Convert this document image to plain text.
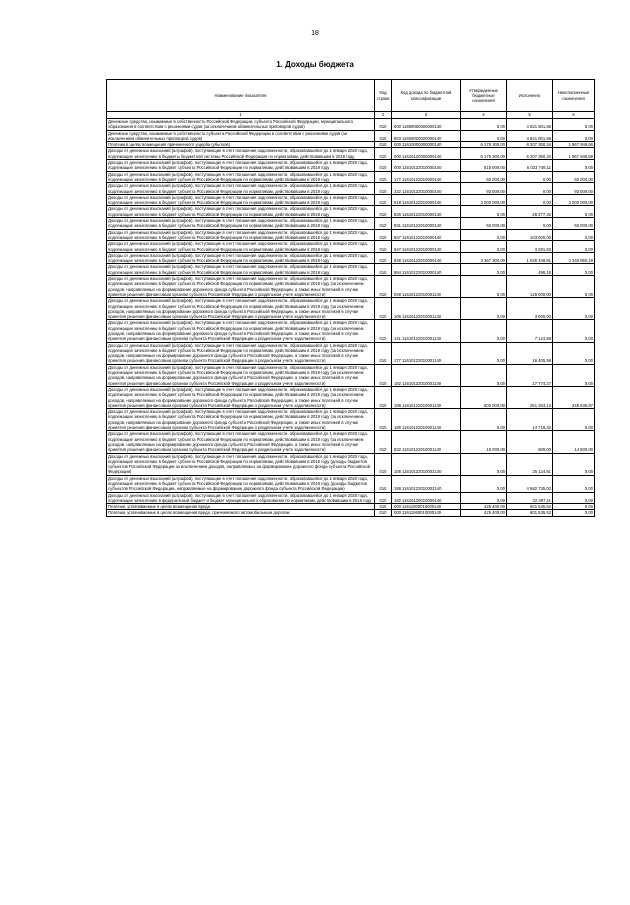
18
1. Доходы бюджета
Наименование показателя	Код строки	Код дохода по бюджетной классификации	Утвержденные бюджетные назначения	Исполнено	Неисполненные назначения
1	2	3	4	5	6
Денежные средства, изымаемые в собственность Российской Федерации, субъекта Российской Федерации, муниципального образования в соответствии с решениями судов (за исключением обвинительных приговоров судов)	010	000 11609000000000140	0,00	4 621 601,66	0,00
Денежные средства, изымаемые в собственность субъекта Российской Федерации в соответствии с решениями судов (за исключением обвинительных приговоров судов)	010	803 11609020020000140	0,00	4 621 601,66	0,00
Платежи в целях возмещения причиненного ущерба (убытков)	010	000 11610000000000140	6 175 300,00	6 207 350,34	1 967 949,66
Доходы от денежных взысканий (штрафов), поступающие в счет погашения задолженности, образовавшейся до 1 января 2020 года, подлежащие зачислению в бюджеты бюджетной системы Российской Федерации по нормативам, действовавшим в 2019 году	010	000 11610120000000140	6 175 300,00	6 207 350,34	1 967 949,66
Доходы от денежных взысканий (штрафов), поступающие в счет погашения задолженности, образовавшейся до 1 января 2020 года, подлежащие зачислению в бюджет субъекта Российской Федерации по нормативам, действовавшим в 2019 году	010	000 11610122010000140	615 000,00	5 023 746,11	0,00
Доходы от денежных взысканий (штрафов), поступающие в счет погашения задолженности, образовавшейся до 1 января 2020 года, подлежащие зачислению в бюджет субъекта Российской Федерации по нормативам, действовавшим в 2019 году	010	177 11610122010000140	50 000,00	0,00	50 000,00
Доходы от денежных взысканий (штрафов), поступающие в счет погашения задолженности, образовавшейся до 1 января 2020 года, подлежащие зачислению в бюджет субъекта Российской Федерации по нормативам, действовавшим в 2019 году	010	322 11610122010000140	93 000,00	0,00	93 000,00
Доходы от денежных взысканий (штрафов), поступающие в счет погашения задолженности, образовавшейся до 1 января 2020 года, подлежащие зачислению в бюджет субъекта Российской Федерации по нормативам, действовавшим в 2019 году	010	818 11610122010000140	3 000 000,00	0,00	3 000 000,00
Доходы от денежных взысканий (штрафов), поступающие в счет погашения задолженности, образовавшейся до 1 января 2020 года, подлежащие зачислению в бюджет субъекта Российской Федерации по нормативам, действовавшим в 2019 году	010	826 11610122010000140	0,00	28 277,32	0,00
Доходы от денежных взысканий (штрафов), поступающие в счет погашения задолженности, образовавшейся до 1 января 2020 года, подлежащие зачислению в бюджет субъекта Российской Федерации по нормативам, действовавшим в 2019 году	010	831 11610122010000140	50 000,00	0,00	50 000,00
Доходы от денежных взысканий (штрафов), поступающие в счет погашения задолженности, образовавшейся до 1 января 2020 года, подлежащие зачислению в бюджет субъекта Российской Федерации по нормативам, действовавшим в 2019 году	010	837 11610122010000140	0,00	103 000,00	0,00
Доходы от денежных взысканий (штрафов), поступающие в счет погашения задолженности, образовавшейся до 1 января 2020 года, подлежащие зачислению в бюджет субъекта Российской Федерации по нормативам, действовавшим в 2019 году	010	847 11610122010000140	0,00	3 281,83	0,00
Доходы от денежных взысканий (штрафов), поступающие в счет погашения задолженности, образовавшейся до 1 января 2020 года, подлежащие зачислению в бюджет субъекта Российской Федерации по нормативам, действовавшим в 2019 году	010	848 11610122010000140	4 367 300,00	1 026 449,81	3 340 850,19
Доходы от денежных взысканий (штрафов), поступающие в счет погашения задолженности, образовавшейся до 1 января 2020 года, подлежащие зачислению в бюджет субъекта Российской Федерации по нормативам, действовавшим в 2019 году	010	864 11610122010000140	0,00	498,16	0,00
Доходы от денежных взысканий (штрафов), поступающие в счет погашения задолженности, образовавшейся до 1 января 2020 года, подлежащие зачислению в бюджет субъекта Российской Федерации по нормативам, действовавшим в 2019 году (за исключением доходов, направляемых на формирование дорожного фонда субъекта Российской Федерации, а также иных платежей в случае принятия решения финансовым органом субъекта Российской Федерации о раздельном учете задолженности)	010	048 11610122010001140	0,00	125 000,00	0,00
Доходы от денежных взысканий (штрафов), поступающие в счет погашения задолженности, образовавшейся до 1 января 2020 года, подлежащие зачислению в бюджет субъекта Российской Федерации по нормативам, действовавшим в 2019 году (за исключением доходов, направляемых на формирование дорожного фонда субъекта Российской Федерации, а также иных платежей в случае принятия решения финансовым органом субъекта Российской Федерации о раздельном учете задолженности)	010	106 11610122010001140	0,00	3 000,00	0,00
Доходы от денежных взысканий (штрафов), поступающие в счет погашения задолженности, образовавшейся до 1 января 2020 года, подлежащие зачислению в бюджет субъекта Российской Федерации по нормативам, действовавшим в 2019 году (за исключением доходов, направляемых на формирование дорожного фонда субъекта Российской Федерации, а также иных платежей в случае принятия решения финансовым органом субъекта Российской Федерации о раздельном учете задолженности)	010	141 11610122010001140	0,00	7 124,58	0,00
Доходы от денежных взысканий (штрафов), поступающие в счет погашения задолженности, образовавшейся до 1 января 2020 года, подлежащие зачислению в бюджет субъекта Российской Федерации по нормативам, действовавшим в 2019 году (за исключением доходов, направляемых на формирование дорожного фонда субъекта Российской Федерации, а также иных платежей в случае принятия решения финансовым органом субъекта Российской Федерации о раздельном учете задолженности)	010	177 11610122010001140	0,00	16 405,98	0,00
Доходы от денежных взысканий (штрафов), поступающие в счет погашения задолженности, образовавшейся до 1 января 2020 года, подлежащие зачислению в бюджет субъекта Российской Федерации по нормативам, действовавшим в 2019 году (за исключением доходов, направляемых на формирование дорожного фонда субъекта Российской Федерации, а также иных платежей в случае принятия решения финансовым органом субъекта Российской Федерации о раздельном учете задолженности)	010	182 11610122010001140	0,00	17 774,27	0,00
Доходы от денежных взысканий (штрафов), поступающие в счет погашения задолженности, образовавшейся до 1 января 2020 года, подлежащие зачислению в бюджет субъекта Российской Федерации по нормативам, действовавшим в 2019 году (за исключением доходов, направляемых на формирование дорожного фонда субъекта Российской Федерации, а также иных платежей в случае принятия решения финансовым органом субъекта Российской Федерации о раздельном учете задолженности)	010	188 11610122010001140	600 000,00	251 363,13	348 636,87
Доходы от денежных взысканий (штрафов), поступающие в счет погашения задолженности, образовавшейся до 1 января 2020 года, подлежащие зачислению в бюджет субъекта Российской Федерации по нормативам, действовавшим в 2019 году (за исключением доходов, направляемых на формирование дорожного фонда субъекта Российской Федерации, а также иных платежей в случае принятия решения финансовым органом субъекта Российской Федерации о раздельном учете задолженности)	010	189 11610122010001140	0,00	14 718,32	0,00
Доходы от денежных взысканий (штрафов), поступающие в счет погашения задолженности, образовавшейся до 1 января 2020 года, подлежащие зачислению в бюджет субъекта Российской Федерации по нормативам, действовавшим в 2019 году (за исключением доходов, направляемых на формирование дорожного фонда субъекта Российской Федерации, а также иных платежей в случае принятия решения финансовым органом субъекта Российской Федерации о раздельном учете задолженности)	010	832 11610122010001140	15 000,00	500,00	14 500,00
Доходы от денежных взысканий (штрафов), поступающие в счет погашения задолженности, образовавшейся до 1 января 2020 года, подлежащие зачислению в бюджет субъекта Российской Федерации по нормативам, действовавшим в 2019 году (доходы бюджетов субъектов Российской Федерации за исключением доходов, направляемых на формирование дорожного фонда субъекта Российской Федерации)	010	106 11610122010002140	0,00	25 124,81	0,00
Доходы от денежных взысканий (штрафов), поступающие в счет погашения задолженности, образовавшейся до 1 января 2020 года, подлежащие зачислению в бюджет субъекта Российской Федерации по нормативам, действовавшим в 2019 году (доходы бюджетов субъектов Российской Федерации, направляемые на формирование дорожного фонда субъекта Российской Федерации)	010	188 11610122010002140	0,00	4 582 735,02	0,00
Доходы от денежных взысканий (штрафов), поступающие в счет погашения задолженности, образовавшейся до 1 января 2020 года, подлежащие зачислению в федеральный бюджет и бюджет муниципального образования по нормативам, действовавшим в 2019 году	010	182 11610129010000140	0,00	22 097,11	0,00
Платежи, уплачиваемые в целях возмещения вреда	010	000 11611000010000140	425 400,00	601 535,52	0,00
Платежи, уплачиваемые в целях возмещения вреда, причиняемого автомобильным дорогам	010	000 11611060010000140	425 400,00	601 535,52	0,00
